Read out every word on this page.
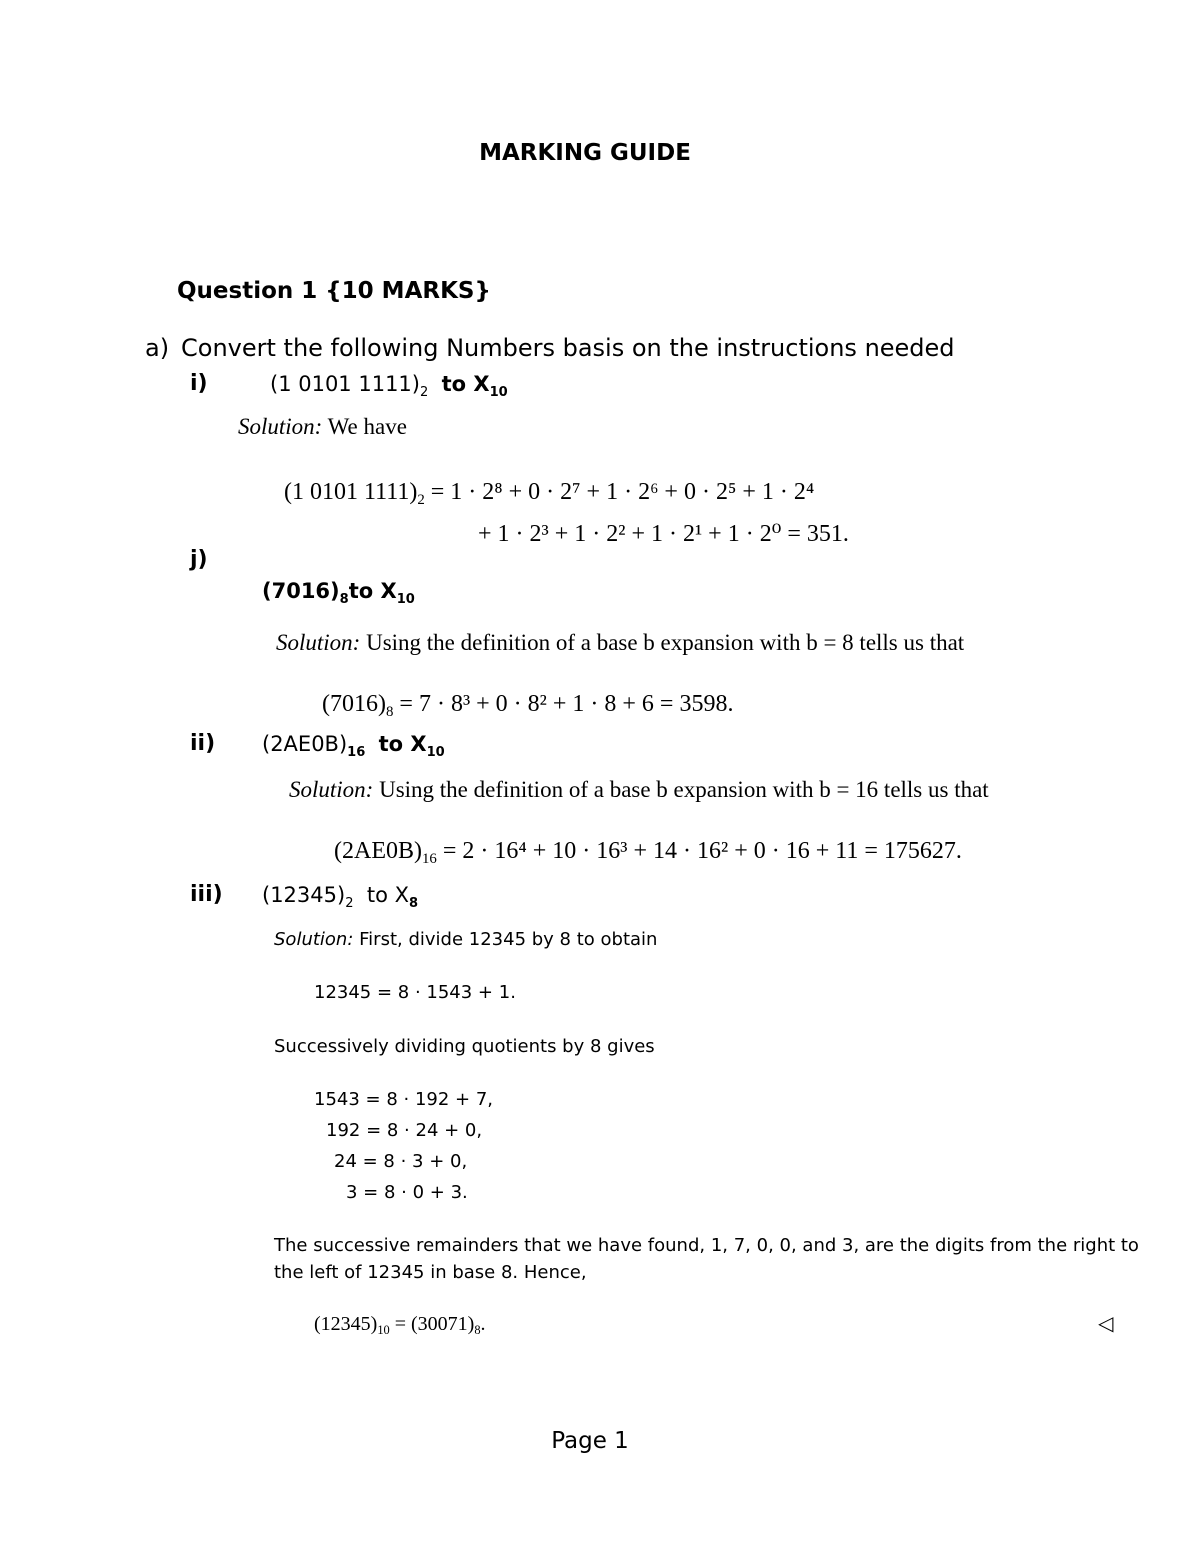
MARKING GUIDE
Question 1 {10 MARKS}
a) Convert the following Numbers basis on the instructions needed
i)	(1 0101 $1111)_2$ to $X_{10}$
Solution: We have
(1 0101 $1111)_2 = 1 \cdot 2^8 + 0 \cdot 2^7 + 1 \cdot 2^6 + 0 \cdot 2^5 + 1 \cdot 2^4$
+ 1 · 2³ + 1 · 2² + 1 · 2¹ + 1 · 2⁰ = 351.
j)
$(7016)_8to$ $X_{10}$
Solution: Using the definition of a base b expansion with b = 8 tells us that
$(7016)_8 = 7 \cdot 8^3 + 0 \cdot 8^2 + 1 \cdot 8 + 6 = 3598$.
ii) $(2AE0B)_{16}$ to $X_{10}$
Solution: Using the definition of a base b expansion with b = 16 tells us that
$(2AE0B)_{16} = 2 \cdot 16^4 + 10 \cdot 16^3 + 14 \cdot 16^2 + 0 \cdot 16 + 11 = 175627$.
iii) $(12345)_2$ to $X_8$
Solution: First, divide 12345 by 8 to obtain
12345 = 8 · 1543 + 1.
Successively dividing quotients by 8 gives
1543 = 8 · 192 + 7,
192 = 8 · 24 + 0,
24 = 8 · 3 + 0,
3 = 8 · 0 + 3.
The successive remainders that we have found, 1, 7, 0, 0, and 3, are the digits from the right to
the left of 12345 in base 8. Hence,
$(12345)_{10} = (30071)_8$.	◁
Page 1
